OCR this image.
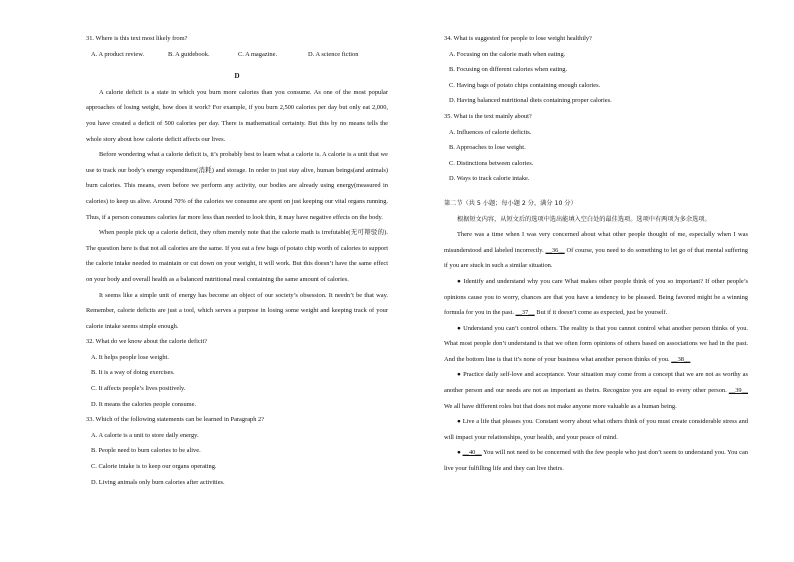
31. Where is this text most likely from?

A. A product review.	B. A guidebook.	C. A magazine.	D. A science fiction

D

A calorie deficit is a state in which you burn more calories than you consume. As one of the most popular approaches of losing weight, how does it work? For example, if you burn 2,500 calories per day but only eat 2,000, you have created a deficit of 500 calories per day. There is mathematical certainty. But this by no means tells the whole story about how calorie deficit affects our lives.

Before wondering what a calorie deficit is, it’s probably best to learn what a calorie is. A calorie is a unit that we use to track our body’s energy expenditure(消耗) and storage. In order to just stay alive, human beings(and animals) burn calories. This means, even before we perform any activity, our bodies are already using energy(measured in calories) to keep us alive. Around 70% of the calories we consume are spent on just keeping our vital organs running. Thus, if a person consumes calories far more less than needed to look thin, it may have negative effects on the body.

When people pick up a calorie deficit, they often merely note that the calorie math is irrefutable(无可辩驳的). The question here is that not all calories are the same. If you eat a few bags of potato chip worth of calories to support the calorie intake needed to maintain or cut down on your weight, it will work. But this doesn’t have the same effect on your body and overall health as a balanced nutritional meal containing the same amount of calories.

It seems like a simple unit of energy has become an object of our society’s obsession. It needn’t be that way. Remember, calorie deficits are just a tool, which serves a purpose in losing some weight and keeping track of your calorie intake seems simple enough.

32. What do we know about the calorie deficit?

A. It helps people lose weight.

B. It is a way of doing exercises.

C. It affects people’s lives positively.

D. It means the calories people consume.

33. Which of the following statements can be learned in Paragraph 2?

A. A calorie is a unit to store daily energy.

B. People need to burn calories to be alive.

C. Calorie intake is to keep our organs operating.

D. Living animals only burn calories after activities.

34. What is suggested for people to lose weight healthily?

A. Focusing on the calorie math when eating.

B. Focusing on different calories when eating.

C. Having bags of potato chips containing enough calories.

D. Having balanced nutritional diets containing proper calories.

35. What is the text mainly about?

A. Influences of calorie deficits.

B. Approaches to lose weight.

C. Distinctions between calories.

D. Ways to track calorie intake.

第二节（共 5 小题；每小题 2 分，满分 10 分）

根据短文内容，从短文后的选项中选出能填入空白处的最佳选项。选项中有两项为多余选项。

There was a time when I was very concerned about what other people thought of me, especially when I was misunderstood and labeled incorrectly. __36__ Of course, you need to do something to let go of that mental suffering if you are stuck in such a similar situation.

● Identify and understand why you care What makes other people think of you so important? If other people’s opinions cause you to worry, chances are that you have a tendency to be pleased. Being favored might be a winning formula for you in the past. __37__ But if it doesn’t come as expected, just be yourself.

● Understand you can’t control others. The reality is that you cannot control what another person thinks of you. What most people don’t understand is that we often form opinions of others based on associations we had in the past. And the bottom line is that it’s none of your business what another person thinks of you. __38__

● Practice daily self-love and acceptance. Your situation may come from a concept that we are not as worthy as another person and our needs are not as important as theirs. Recognize you are equal to every other person. __39__ We all have different roles but that does not make anyone more valuable as a human being.

● Live a life that pleases you. Constant worry about what others think of you must create considerable stress and will impact your relationships, your health, and your peace of mind.

● __40__ You will not need to be concerned with the few people who just don’t seem to understand you. You can live your fulfilling life and they can live theirs.
